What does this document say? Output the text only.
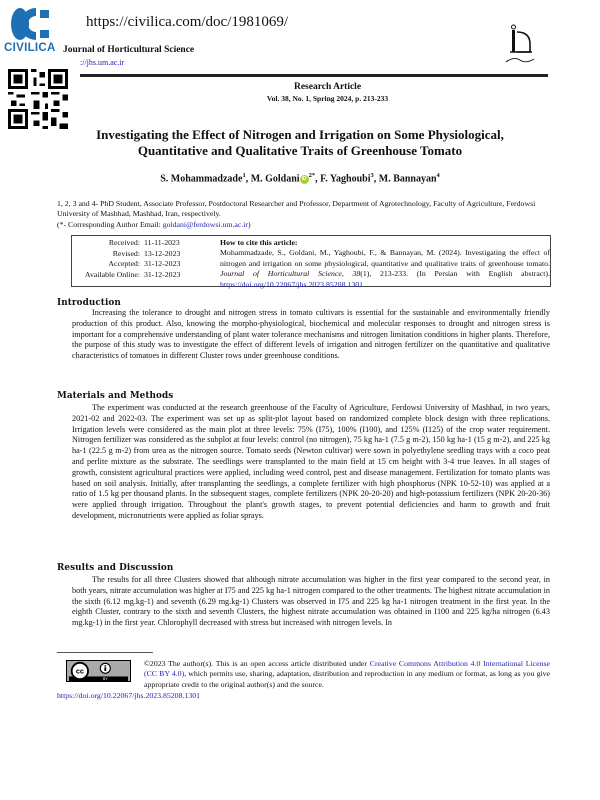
CIVILICA
https://civilica.com/doc/1981069/
Journal of Horticultural Science
://jhs.um.ac.ir
Research Article
Vol. 38, No. 1, Spring 2024, p. 213-233
Investigating the Effect of Nitrogen and Irrigation on Some Physiological,
Quantitative and Qualitative Traits of Greenhouse Tomato
S. Mohammadzade$^1$, M. Goldani iD $^{2*}$, F. Yaghoubi$^3$, M. Bannayan$^4$
1, 2, 3 and 4- PhD Student, Associate Professor, Postdoctoral Researcher and Professor, Department of Agrotechnology, Faculty of Agriculture, Ferdowsi University of Mashhad, Mashhad, Iran, respectively.
(*- Corresponding Author Email: goldani@ferdowsi.um.ac.ir)
Received: 11-11-2023
Revised: 13-12-2023
Accepted: 31-12-2023
Available Online: 31-12-2023
How to cite this article:
Mohammadzade, S., Goldani, M., Yaghoubi, F., & Bannayan, M. (2024). Investigating the effect of nitrogen and irrigation on some physiological, quantitative and qualitative traits of greenhouse tomato. Journal of Horticultural Science, 38(1), 213-233. (In Persian with English abstract). https://doi.org/10.22067/jhs.2023.85208.1301
Introduction
Increasing the tolerance to drought and nitrogen stress in tomato cultivars is essential for the sustainable and environmentally friendly production of this product. Also, knowing the morpho-physiological, biochemical and molecular responses to drought and nitrogen stress is important for a comprehensive understanding of plant water tolerance mechanisms and nitrogen limitation conditions in higher plants. Therefore, the purpose of this study was to investigate the effect of different levels of irrigation and nitrogen fertilizer on the quantitative and qualitative characteristics of tomatoes in different Cluster rows under greenhouse conditions.
Materials and Methods
The experiment was conducted at the research greenhouse of the Faculty of Agriculture, Ferdowsi University of Mashhad, in two years, 2021-02 and 2022-03. The experiment was set up as split-plot layout based on randomized complete block design with three replications. Irrigation levels were considered as the main plot at three levels: 75% (I75), 100% (I100), and 125% (I125) of the crop water requirement. Nitrogen fertilizer was considered as the subplot at four levels: control (no nitrogen), 75 kg ha-1 (7.5 g m-2), 150 kg ha-1 (15 g m-2), and 225 kg ha-1 (22.5 g m-2) from urea as the nitrogen source. Tomato seeds (Newton cultivar) were sown in polyethylene seedling trays with a coco peat and perlite mixture as the substrate. The seedlings were transplanted to the main field at 15 cm height with 3-4 true leaves. In all stages of growth, consistent agricultural practices were applied, including weed control, pest and disease management. Fertilization for tomato plants was based on soil analysis. Initially, after transplanting the seedlings, a complete fertilizer with high phosphorus (NPK 10-52-10) was applied at a ratio of 1.5 kg per thousand plants. In the subsequent stages, complete fertilizers (NPK 20-20-20) and high-potassium fertilizers (NPK 20-20-36) were applied through irrigation. Throughout the plant's growth stages, to prevent potential deficiencies and harm to growth and fruit development, micronutrients were applied as foliar sprays.
Results and Discussion
The results for all three Clusters showed that although nitrate accumulation was higher in the first year compared to the second year, in both years, nitrate accumulation was higher at I75 and 225 kg ha-1 nitrogen compared to the other treatments. The highest nitrate accumulation in the sixth (6.12 mg.kg-1) and seventh (6.29 mg.kg-1) Clusters was observed in I75 and 225 kg ha-1 nitrogen treatment in the first year. In the eighth Cluster, contrary to the sixth and seventh Clusters, the highest nitrate accumulation was obtained in I100 and 225 kg/ha nitrogen (6.43 mg.kg-1) in the first year. Chlorophyll decreased with stress but increased with nitrogen levels. In
cc
BY
©2023 The author(s). This is an open access article distributed under Creative Commons Attribution 4.0 International License (CC BY 4.0), which permits use, sharing, adaptation, distribution and reproduction in any medium or format, as long as you give appropriate credit to the original author(s) and the source.
https://doi.org/10.22067/jhs.2023.85208.1301
